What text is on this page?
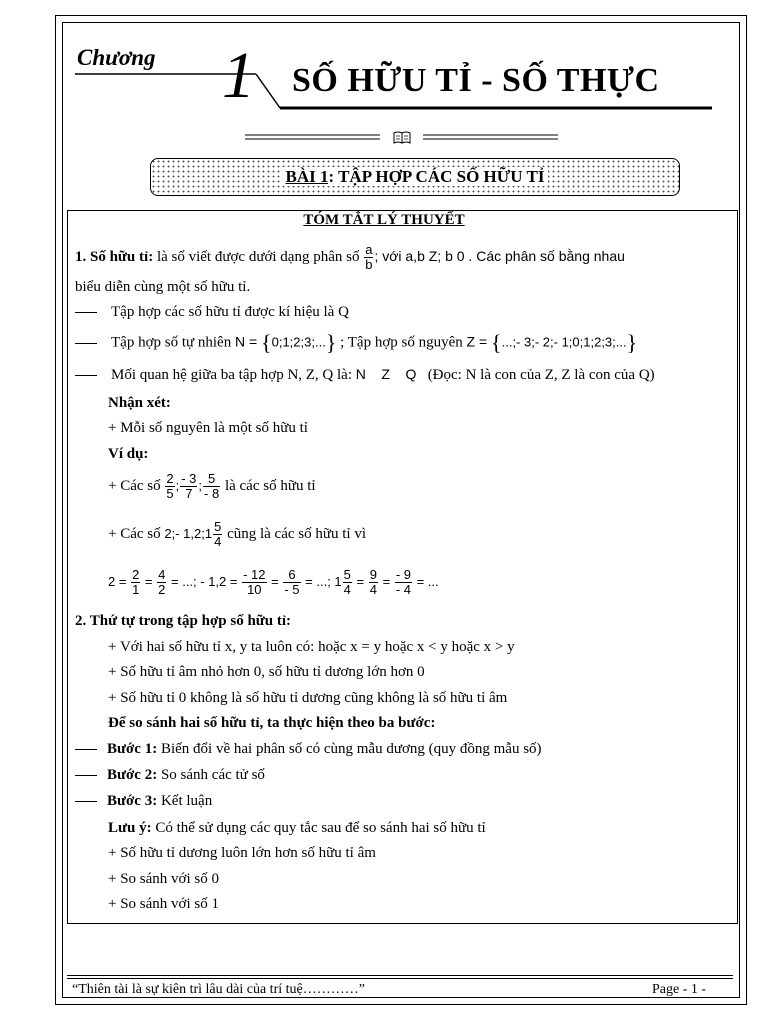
Chương 1 SỐ HỮU TỈ - SỐ THỰC
BÀI 1: TẬP HỢP CÁC SỐ HỮU TỈ
TÓM TẮT LÝ THUYẾT
1. Số hữu tỉ: là số viết được dưới dạng phân số $\frac{a}{b}$ ; với a,b Z; b 0 . Các phân số bằng nhau
biểu diễn cùng một số hữu tỉ.
Tập hợp các số hữu tỉ được kí hiệu là Q
Tập hợp số tự nhiên N = {0;1;2;3;...} ; Tập hợp số nguyên Z = {...;- 3;- 2;- 1;0;1;2;3;...}
Mối quan hệ giữa ba tập hợp N, Z, Q là: N    Z    Q (Đọc: N là con của Z, Z là con của Q)
Nhận xét:
+ Mỗi số nguyên là một số hữu tỉ
Ví dụ:
+ Các số $\frac{2}{5}$ ; $\frac{- 3}{7}$ ; $\frac{5}{- 8}$ là các số hữu tỉ
+ Các số 2;- 1,2;1 $\frac{5}{4}$ cũng là các số hữu tỉ vì
$2 = \frac{2}{1} = \frac{4}{2}$ = ...; - $1,2 = \frac{- 12}{10} = \frac{6}{- 5}$ = ...; $1 \frac{5}{4} = \frac{9}{4} = \frac{- 9}{- 4}$ = ...
2. Thứ tự trong tập hợp số hữu tỉ:
+ Với hai số hữu tỉ x, y ta luôn có: hoặc x = y hoặc x < y hoặc x > y
+ Số hữu tỉ âm nhỏ hơn 0, số hữu tỉ dương lớn hơn 0
+ Số hữu tỉ 0 không là số hữu tỉ dương cũng không là số hữu tỉ âm
Để so sánh hai số hữu tỉ, ta thực hiện theo ba bước:
Bước 1: Biến đổi về hai phân số có cùng mẫu dương (quy đồng mẫu số)
Bước 2: So sánh các tử số
Bước 3: Kết luận
Lưu ý: Có thể sử dụng các quy tắc sau để so sánh hai số hữu tỉ
+ Số hữu tỉ dương luôn lớn hơn số hữu tỉ âm
+ So sánh với số 0
+ So sánh với số 1
“Thiên tài là sự kiên trì lâu dài của trí tuệ…………”	Page - 1 -
